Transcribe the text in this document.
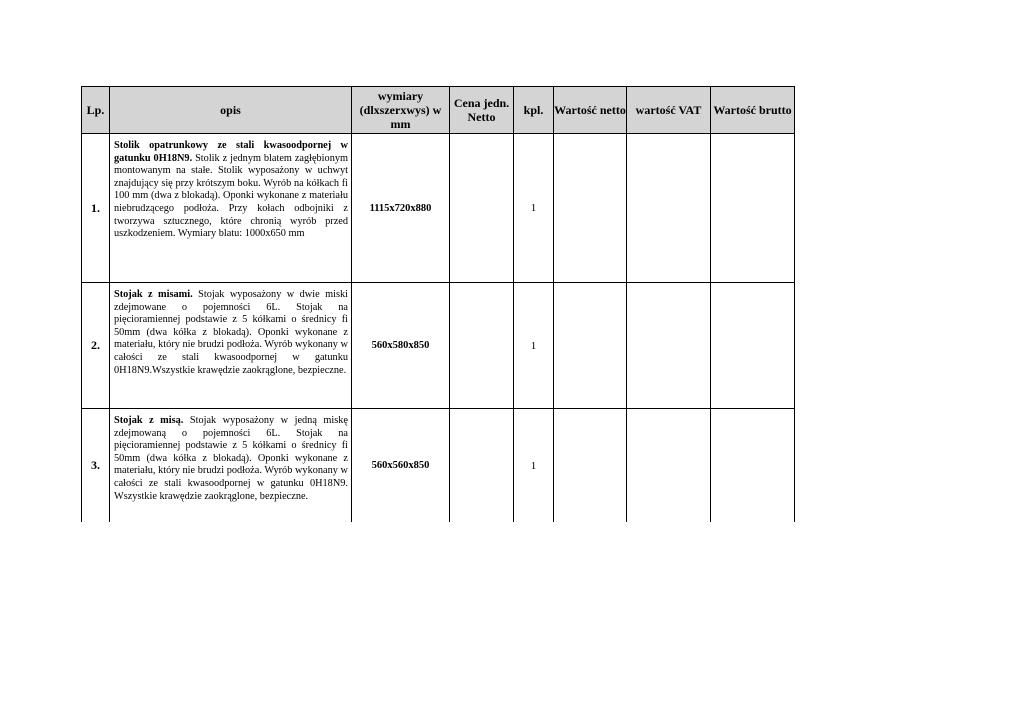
Lp.	opis	wymiary (dlxszerxwys) w mm	Cena jedn. Netto	kpl.	Wartość netto	wartość VAT	Wartość brutto

1.	Stolik opatrunkowy ze stali kwasoodpornej w gatunku 0H18N9. Stolik z jednym blatem zagłębionym montowanym na stałe. Stolik wyposażony w uchwyt znajdujący się przy krótszym boku. Wyrób na kółkach fi 100 mm (dwa z blokadą). Oponki wykonane z materiału niebrudzącego podłoża. Przy kołach odbojniki z tworzywa sztucznego, które chronią wyrób przed uszkodzeniem. Wymiary blatu: 1000x650 mm	1115x720x880		1			
2.	Stojak z misami. Stojak wyposażony w dwie miski zdejmowane o pojemności 6L. Stojak na pięcioramiennej podstawie z 5 kółkami o średnicy fi 50mm (dwa kółka z blokadą). Oponki wykonane z materiału, który nie brudzi podłoża. Wyrób wykonany w całości ze stali kwasoodpornej w gatunku 0H18N9.Wszystkie krawędzie zaokrąglone, bezpieczne.	560x580x850		1			
3.	Stojak z misą. Stojak wyposażony w jedną miskę zdejmowaną o pojemności 6L. Stojak na pięcioramiennej podstawie z 5 kółkami o średnicy fi 50mm (dwa kółka z blokadą). Oponki wykonane z materiału, który nie brudzi podłoża. Wyrób wykonany w całości ze stali kwasoodpornej w gatunku 0H18N9. Wszystkie krawędzie zaokrąglone, bezpieczne.	560x560x850		1			
